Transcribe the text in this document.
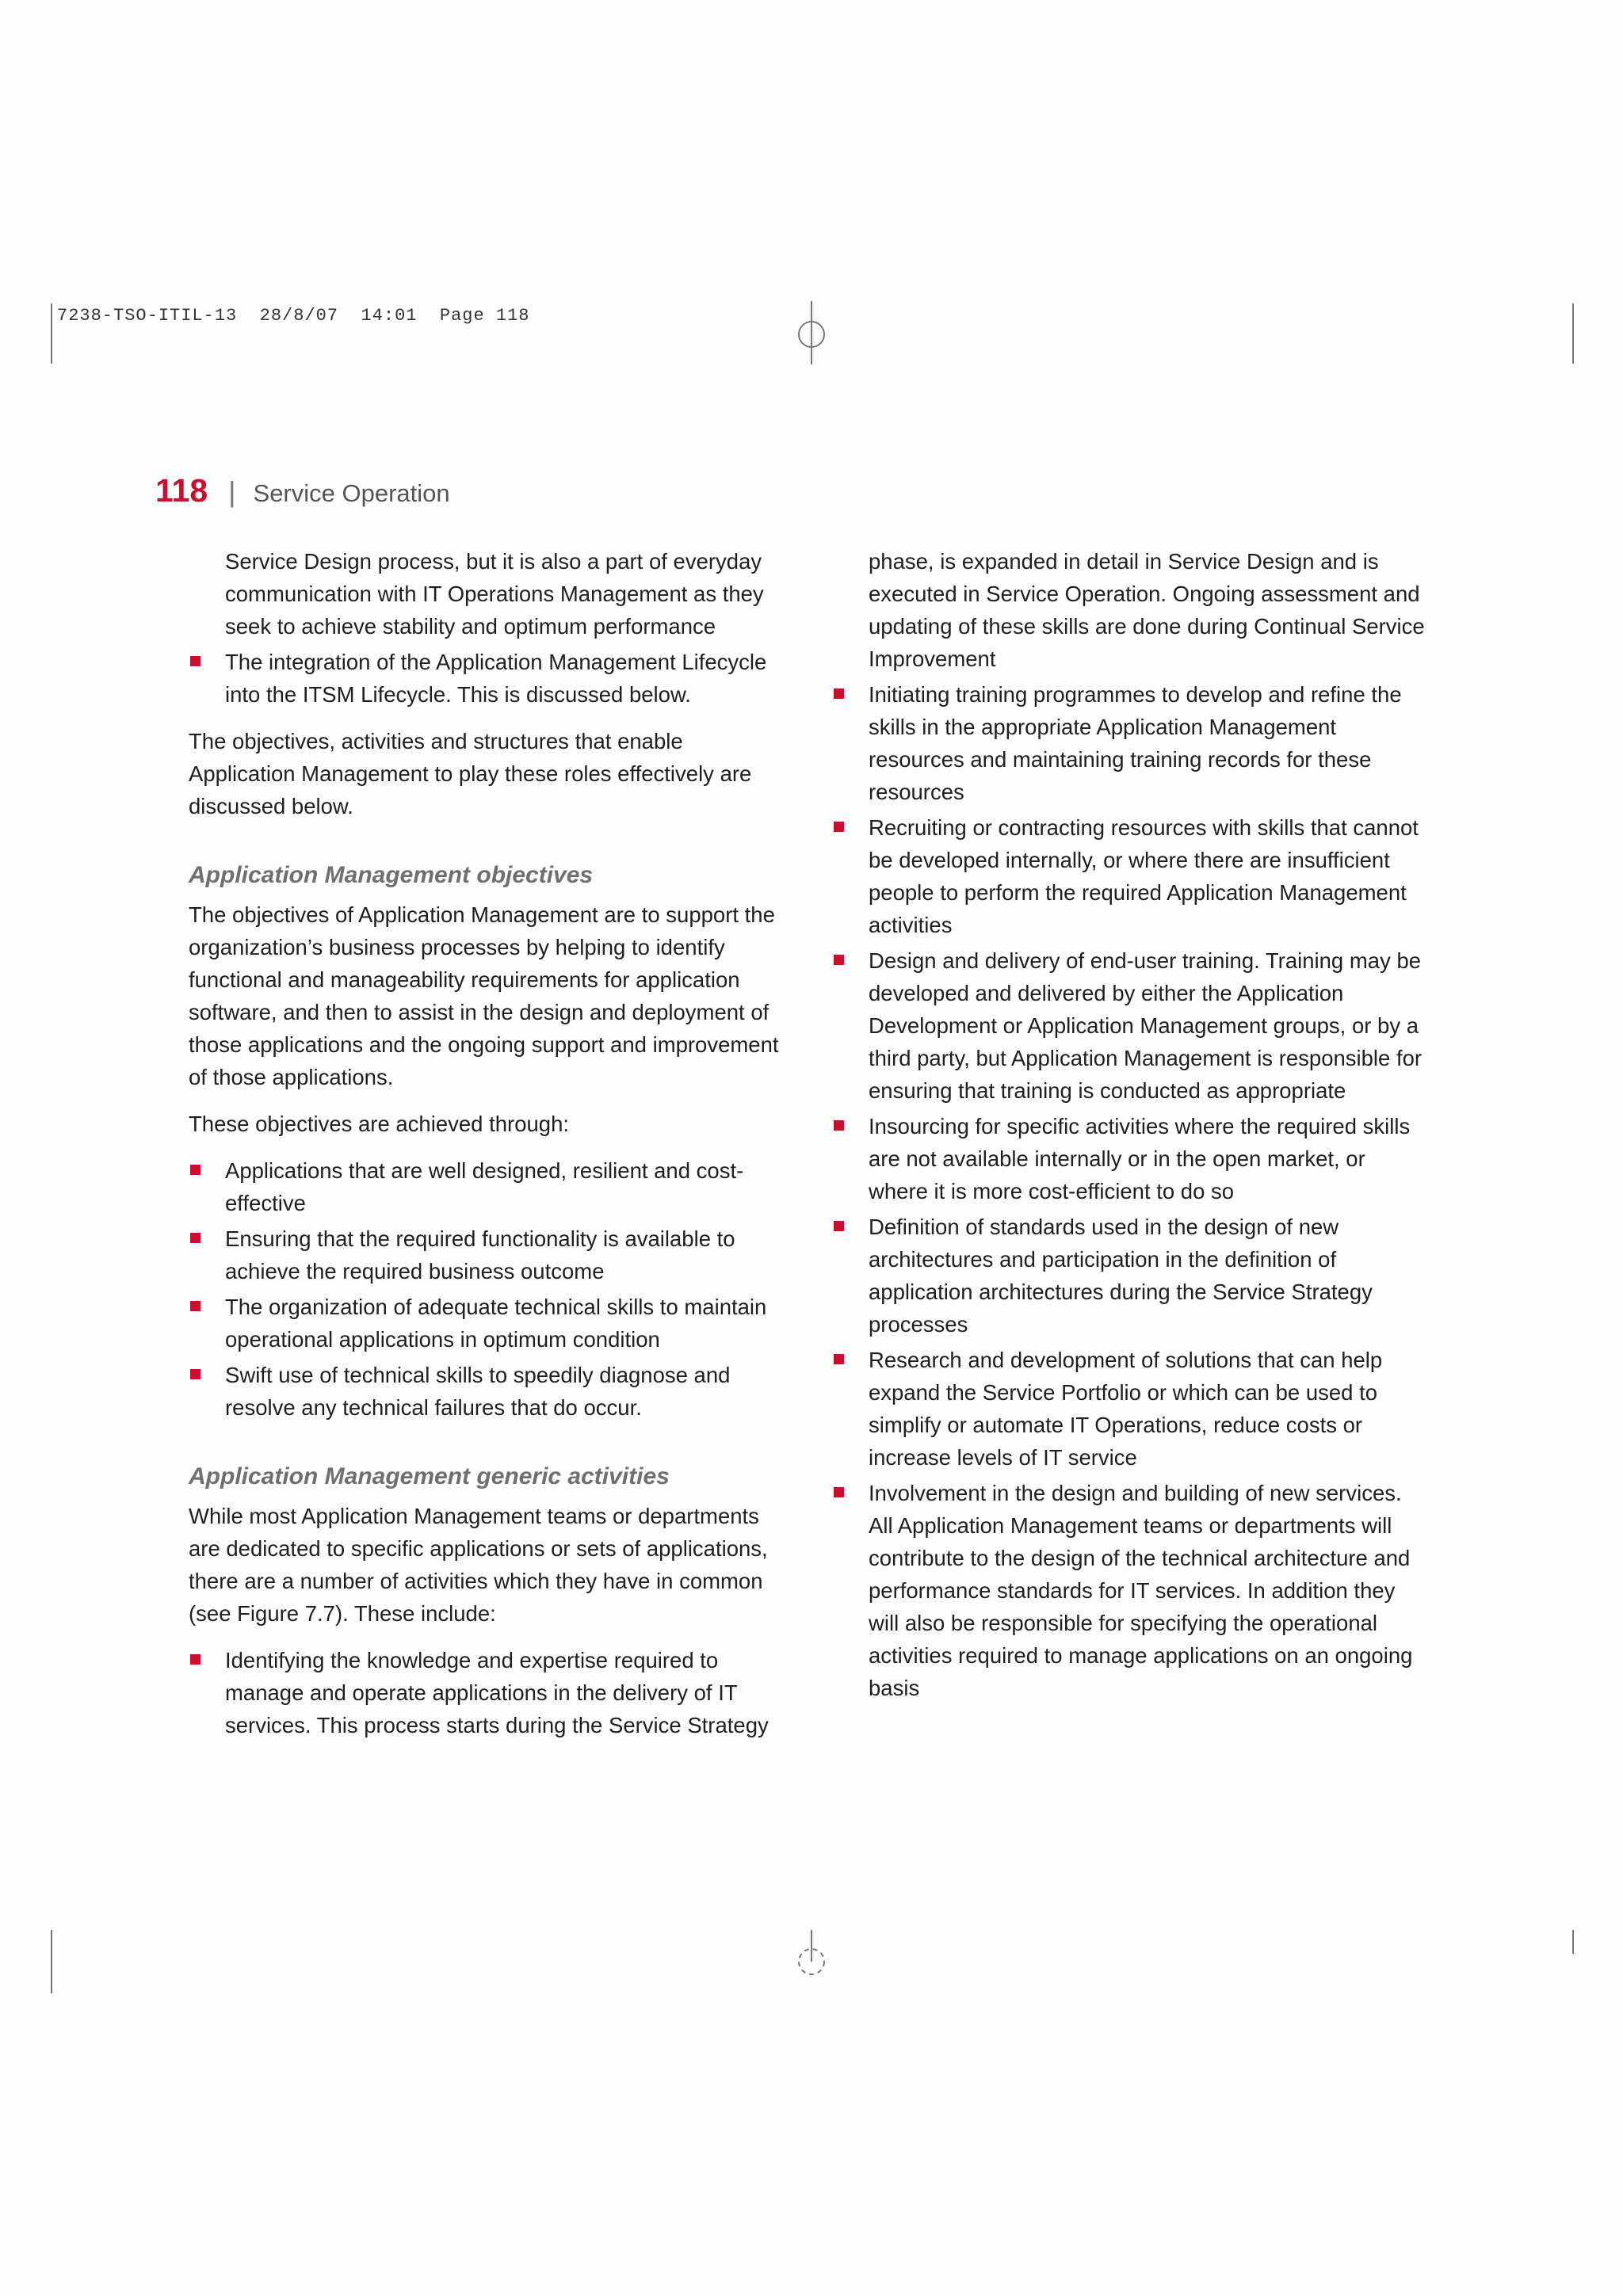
7238-TSO-ITIL-13  28/8/07  14:01  Page 118
118 | Service Operation

Service Design process, but it is also a part of everyday communication with IT Operations Management as they seek to achieve stability and optimum performance

The integration of the Application Management Lifecycle into the ITSM Lifecycle. This is discussed below.

The objectives, activities and structures that enable Application Management to play these roles effectively are discussed below.

Application Management objectives

The objectives of Application Management are to support the organization’s business processes by helping to identify functional and manageability requirements for application software, and then to assist in the design and deployment of those applications and the ongoing support and improvement of those applications.

These objectives are achieved through:

Applications that are well designed, resilient and cost-effective
Ensuring that the required functionality is available to achieve the required business outcome
The organization of adequate technical skills to maintain operational applications in optimum condition
Swift use of technical skills to speedily diagnose and resolve any technical failures that do occur.
Application Management generic activities

While most Application Management teams or departments are dedicated to specific applications or sets of applications, there are a number of activities which they have in common (see Figure 7.7). These include:

Identifying the knowledge and expertise required to manage and operate applications in the delivery of IT services. This process starts during the Service Strategy

phase, is expanded in detail in Service Design and is executed in Service Operation. Ongoing assessment and updating of these skills are done during Continual Service Improvement

Initiating training programmes to develop and refine the skills in the appropriate Application Management resources and maintaining training records for these resources
Recruiting or contracting resources with skills that cannot be developed internally, or where there are insufficient people to perform the required Application Management activities
Design and delivery of end-user training. Training may be developed and delivered by either the Application Development or Application Management groups, or by a third party, but Application Management is responsible for ensuring that training is conducted as appropriate
Insourcing for specific activities where the required skills are not available internally or in the open market, or where it is more cost-efficient to do so
Definition of standards used in the design of new architectures and participation in the definition of application architectures during the Service Strategy processes
Research and development of solutions that can help expand the Service Portfolio or which can be used to simplify or automate IT Operations, reduce costs or increase levels of IT service
Involvement in the design and building of new services. All Application Management teams or departments will contribute to the design of the technical architecture and performance standards for IT services. In addition they will also be responsible for specifying the operational activities required to manage applications on an ongoing basis
